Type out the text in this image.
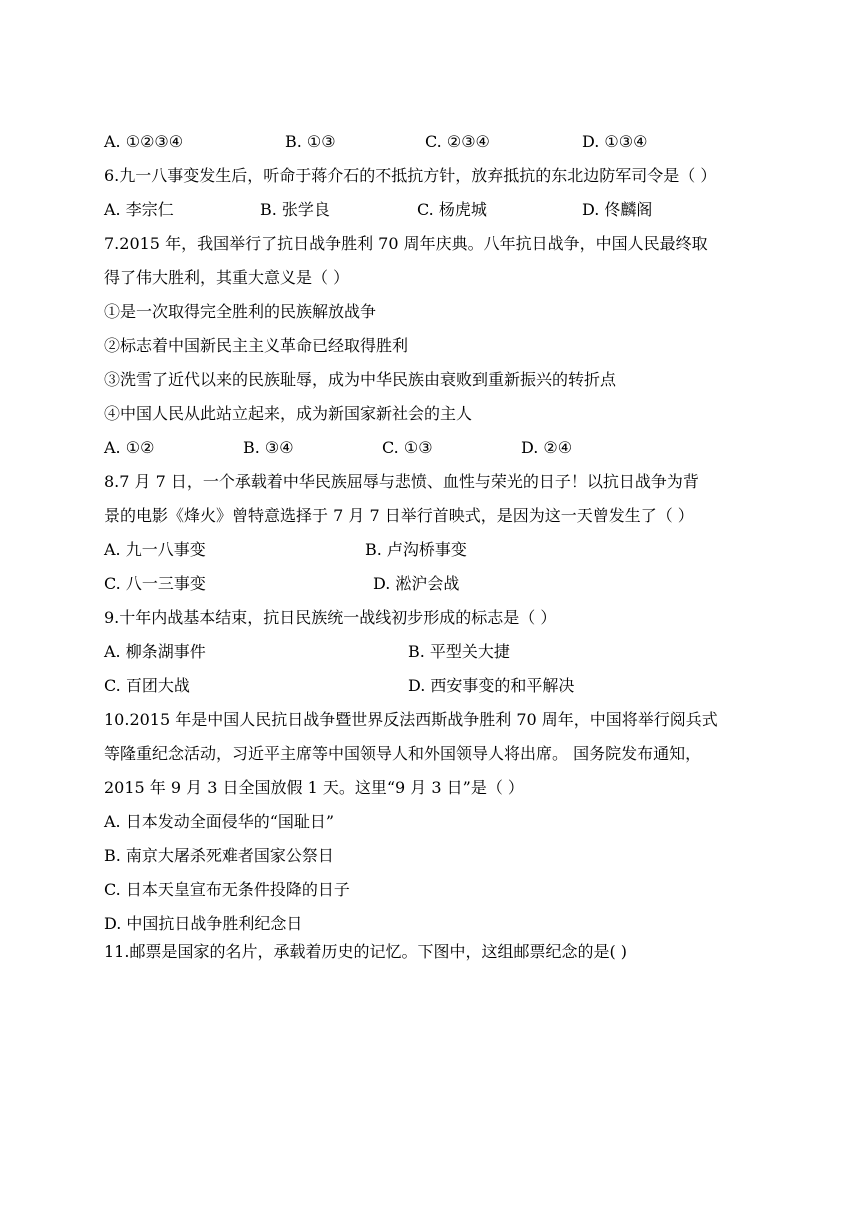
A. ①②③④	B. ①③	C. ②③④	D. ①③④
6.九一八事变发生后，听命于蒋介石的不抵抗方针，放弃抵抗的东北边防军司令是（ ）
A. 李宗仁	B. 张学良	C. 杨虎城	D. 佟麟阁
7.2015 年，我国举行了抗日战争胜利 70 周年庆典。八年抗日战争，中国人民最终取
得了伟大胜利，其重大意义是（ ）
①是一次取得完全胜利的民族解放战争
②标志着中国新民主主义革命已经取得胜利
③洗雪了近代以来的民族耻辱，成为中华民族由衰败到重新振兴的转折点
④中国人民从此站立起来，成为新国家新社会的主人
A. ①②	B. ③④	C. ①③	D. ②④
8.7 月 7 日，一个承载着中华民族屈辱与悲愤、血性与荣光的日子！以抗日战争为背
景的电影《烽火》曾特意选择于 7 月 7 日举行首映式，是因为这一天曾发生了（ ）
A. 九一八事变	B. 卢沟桥事变
C. 八一三事变	D. 淞沪会战
9.十年内战基本结束，抗日民族统一战线初步形成的标志是（ ）
A. 柳条湖事件	B. 平型关大捷
C. 百团大战	D. 西安事变的和平解决
10.2015 年是中国人民抗日战争暨世界反法西斯战争胜利 70 周年，中国将举行阅兵式
等隆重纪念活动，习近平主席等中国领导人和外国领导人将出席。 国务院发布通知，
2015 年 9 月 3 日全国放假 1 天。这里“9 月 3 日”是（ ）
A. 日本发动全面侵华的“国耻日”
B. 南京大屠杀死难者国家公祭日
C. 日本天皇宣布无条件投降的日子
D. 中国抗日战争胜利纪念日
11.邮票是国家的名片，承载着历史的记忆。下图中，这组邮票纪念的是( )
